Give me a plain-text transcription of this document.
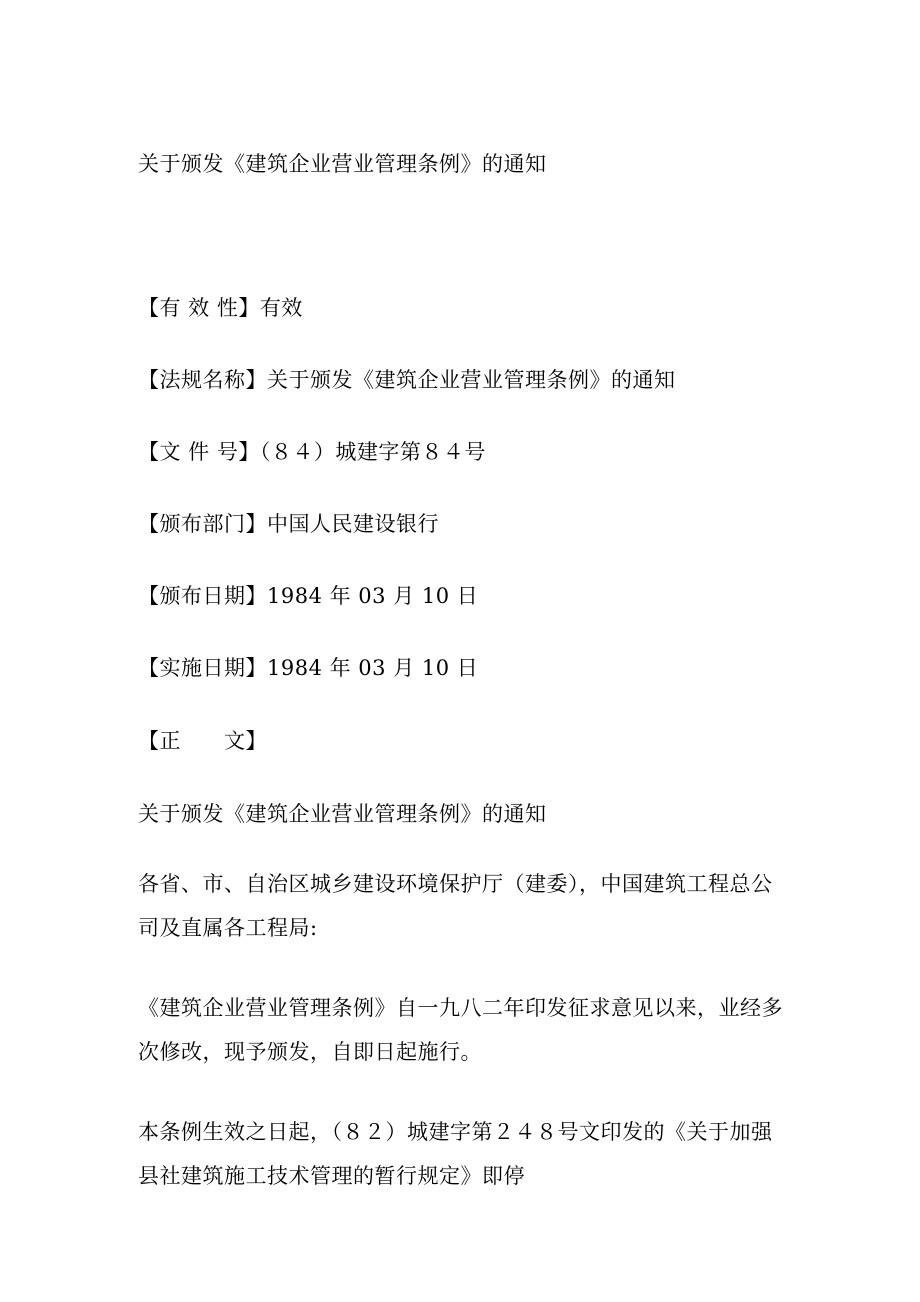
关于颁发《建筑企业营业管理条例》的通知
【有 效 性】有效
【法规名称】关于颁发《建筑企业营业管理条例》的通知
【文 件 号】（８４）城建字第８４号
【颁布部门】中国人民建设银行
【颁布日期】1984 年 03 月 10 日
【实施日期】1984 年 03 月 10 日
【正　　文】
关于颁发《建筑企业营业管理条例》的通知
各省、市、自治区城乡建设环境保护厅（建委），中国建筑工程总公司及直属各工程局:
《建筑企业营业管理条例》自一九八二年印发征求意见以来，业经多次修改，现予颁发，自即日起施行。
本条例生效之日起，（８２）城建字第２４８号文印发的《关于加强县社建筑施工技术管理的暂行规定》即停
